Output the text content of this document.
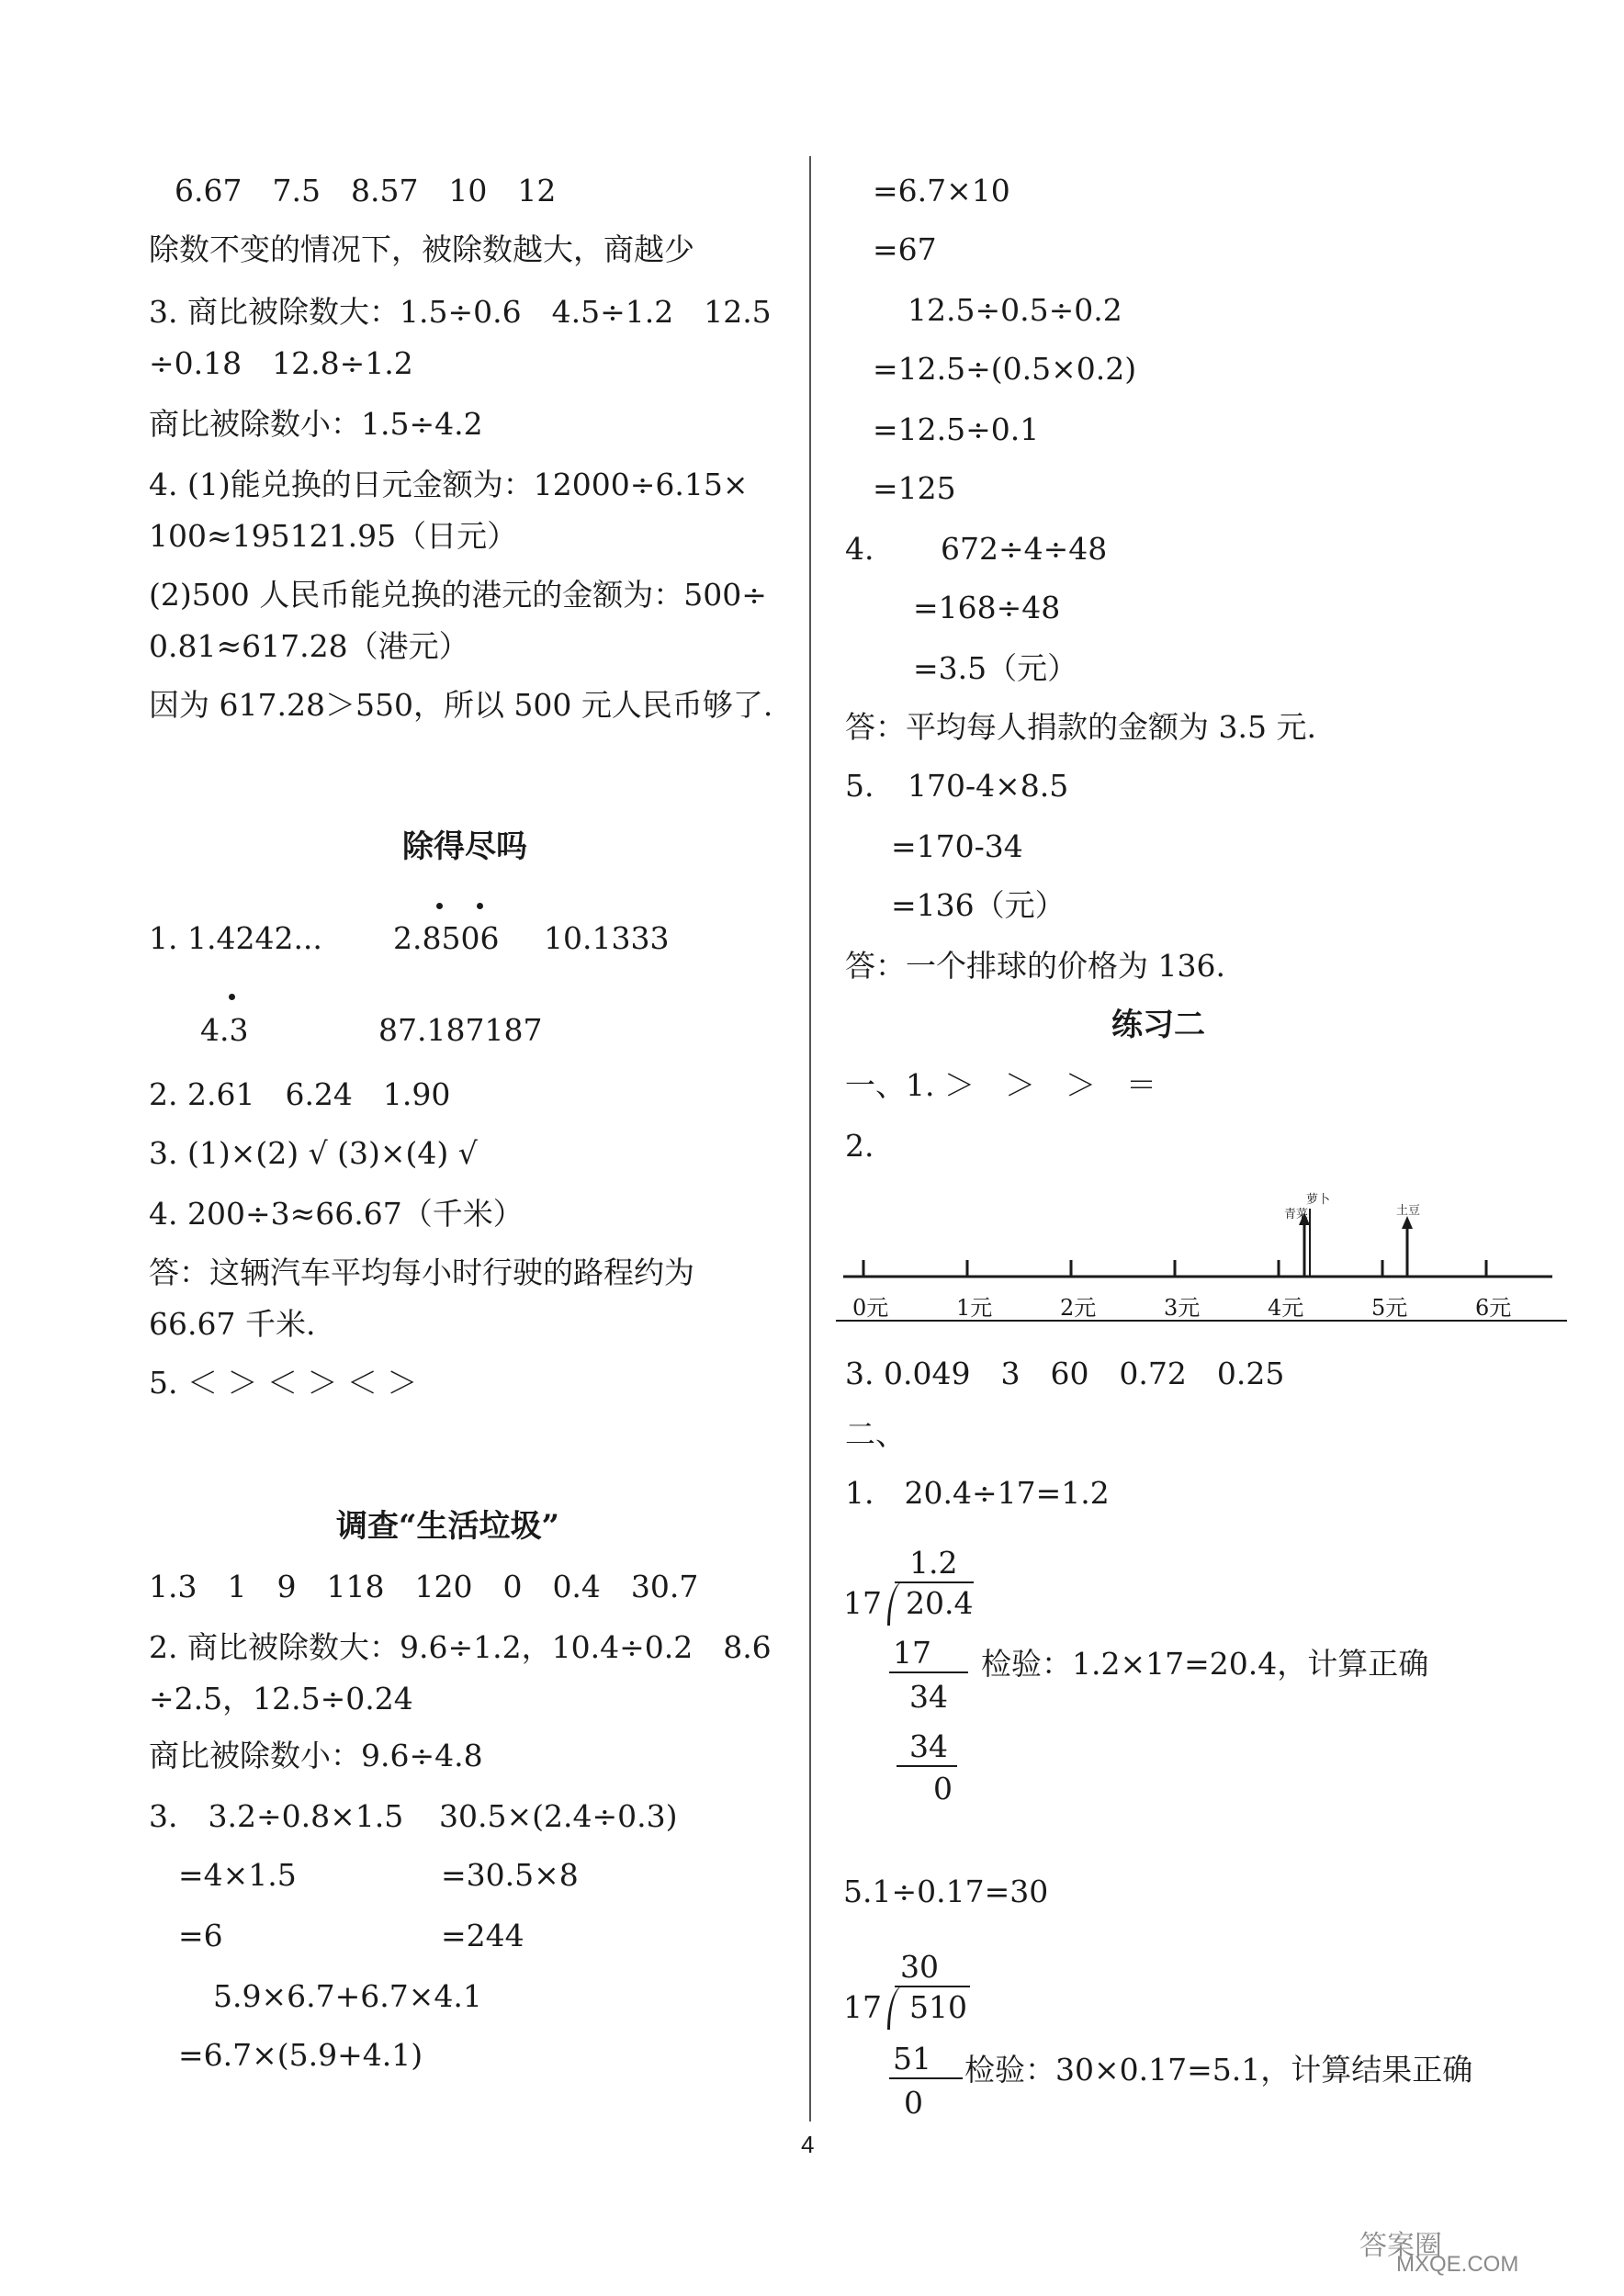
6.67　7.5　8.57　10　12
除数不变的情况下，被除数越大，商越少
3. 商比被除数大：1.5÷0.6　4.5÷1.2　12.5
÷0.18　12.8÷1.2
商比被除数小：1.5÷4.2
4. (1)能兑换的日元金额为：12000÷6.15×
100≈195121.95（日元）
(2)500 人民币能兑换的港元的金额为：500÷
0.81≈617.28（港元）
因为 617.28＞550，所以 500 元人民币够了.
除得尽吗
1. 1.4242... 2.8506 10.1333
4.3	87.187187
2. 2.61　6.24　1.90
3. (1)×(2) √ (3)×(4) √
4. 200÷3≈66.67（千米）
答：这辆汽车平均每小时行驶的路程约为
66.67 千米.
5. ＜ ＞ ＜ ＞ ＜ ＞
调查“生活垃圾”
1.3　1　9　118　120　0　0.4　30.7
2. 商比被除数大：9.6÷1.2，10.4÷0.2　8.6
÷2.5，12.5÷0.24
商比被除数小：9.6÷4.8
3.　3.2÷0.8×1.5 30.5×(2.4÷0.3)
=4×1.5	=30.5×8
=6	=244
5.9×6.7+6.7×4.1
=6.7×(5.9+4.1)
=6.7×10
=67
12.5÷0.5÷0.2
=12.5÷(0.5×0.2)
=12.5÷0.1
=125
4. 672÷4÷48
=168÷48
=3.5（元）
答：平均每人捐款的金额为 3.5 元.
5. 170-4×8.5
=170-34
=136（元）
答：一个排球的价格为 136.
练习二
一、1. ＞　＞　＞　＝
2.
0元	1元	2元	3元	4元	5元	6元
青菜
萝卜
土豆
3. 0.049　3　60　0.72　0.25
二、
1.　20.4÷17=1.2
1.2
17 20.4
17 检验：1.2×17=20.4，计算正确
34
34
0
5.1÷0.17=30
30
17 510
51 检验：30×0.17=5.1，计算结果正确
0
4
答案圈
MXQE.COM
